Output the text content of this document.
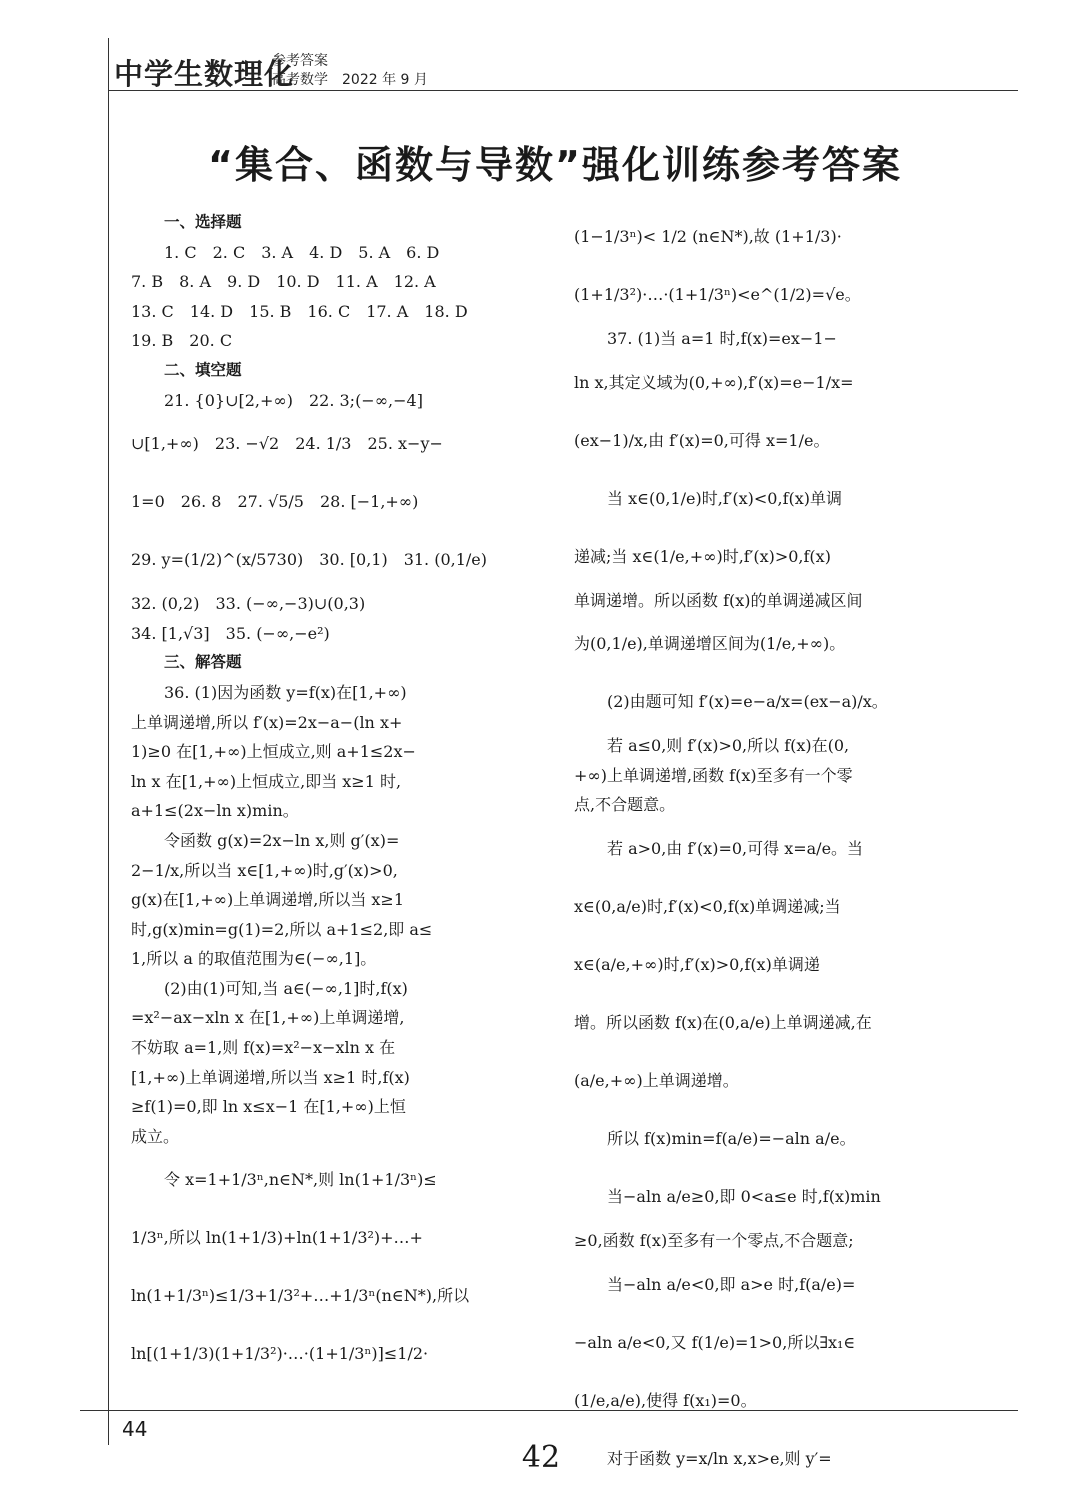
中学生数理化
参考答案
高考数学　2022 年 9 月
“集合、函数与导数”强化训练参考答案

一、选择题

1. C　2. C　3. A　4. D　5. A　6. D

7. B　8. A　9. D　10. D　11. A　12. A

13. C　14. D　15. B　16. C　17. A　18. D

19. B　20. C

二、填空题

21. {0}∪[2,+∞)　22. 3;(−∞,−4]

∪[1,+∞)　23. −√2　24. 1/3　25. x−y−

1=0　26. 8　27. √5/5　28. [−1,+∞)

29. y=(1/2)^(x/5730)　30. [0,1)　31. (0,1/e)

32. (0,2)　33. (−∞,−3)∪(0,3)

34. [1,√3]　35. (−∞,−e²)

三、解答题

36. (1)因为函数 y=f(x)在[1,+∞)

上单调递增,所以 f′(x)=2x−a−(ln x+

1)≥0 在[1,+∞)上恒成立,则 a+1≤2x−

ln x 在[1,+∞)上恒成立,即当 x≥1 时,

a+1≤(2x−ln x)min。

令函数 g(x)=2x−ln x,则 g′(x)=

2−1/x,所以当 x∈[1,+∞)时,g′(x)>0,

g(x)在[1,+∞)上单调递增,所以当 x≥1

时,g(x)min=g(1)=2,所以 a+1≤2,即 a≤

1,所以 a 的取值范围为∈(−∞,1]。

(2)由(1)可知,当 a∈(−∞,1]时,f(x)

=x²−ax−xln x 在[1,+∞)上单调递增,

不妨取 a=1,则 f(x)=x²−x−xln x 在

[1,+∞)上单调递增,所以当 x≥1 时,f(x)

≥f(1)=0,即 ln x≤x−1 在[1,+∞)上恒

成立。

令 x=1+1/3ⁿ,n∈N*,则 ln(1+1/3ⁿ)≤

1/3ⁿ,所以 ln(1+1/3)+ln(1+1/3²)+…+

ln(1+1/3ⁿ)≤1/3+1/3²+…+1/3ⁿ(n∈N*),所以

ln[(1+1/3)(1+1/3²)·…·(1+1/3ⁿ)]≤1/2·

(1−1/3ⁿ)< 1/2 (n∈N*),故 (1+1/3)·

(1+1/3²)·…·(1+1/3ⁿ)<e^(1/2)=√e。

37. (1)当 a=1 时,f(x)=ex−1−

ln x,其定义域为(0,+∞),f′(x)=e−1/x=

(ex−1)/x,由 f′(x)=0,可得 x=1/e。

当 x∈(0,1/e)时,f′(x)<0,f(x)单调

递减;当 x∈(1/e,+∞)时,f′(x)>0,f(x)

单调递增。所以函数 f(x)的单调递减区间

为(0,1/e),单调递增区间为(1/e,+∞)。

(2)由题可知 f′(x)=e−a/x=(ex−a)/x。

若 a≤0,则 f′(x)>0,所以 f(x)在(0,

+∞)上单调递增,函数 f(x)至多有一个零

点,不合题意。

若 a>0,由 f′(x)=0,可得 x=a/e。当

x∈(0,a/e)时,f′(x)<0,f(x)单调递减;当

x∈(a/e,+∞)时,f′(x)>0,f(x)单调递

增。所以函数 f(x)在(0,a/e)上单调递减,在

(a/e,+∞)上单调递增。

所以 f(x)min=f(a/e)=−aln a/e。

当−aln a/e≥0,即 0<a≤e 时,f(x)min

≥0,函数 f(x)至多有一个零点,不合题意;

当−aln a/e<0,即 a>e 时,f(a/e)=

−aln a/e<0,又 f(1/e)=1>0,所以∃x₁∈

(1/e,a/e),使得 f(x₁)=0。

对于函数 y=x/ln x,x>e,则 y′=

44
42
